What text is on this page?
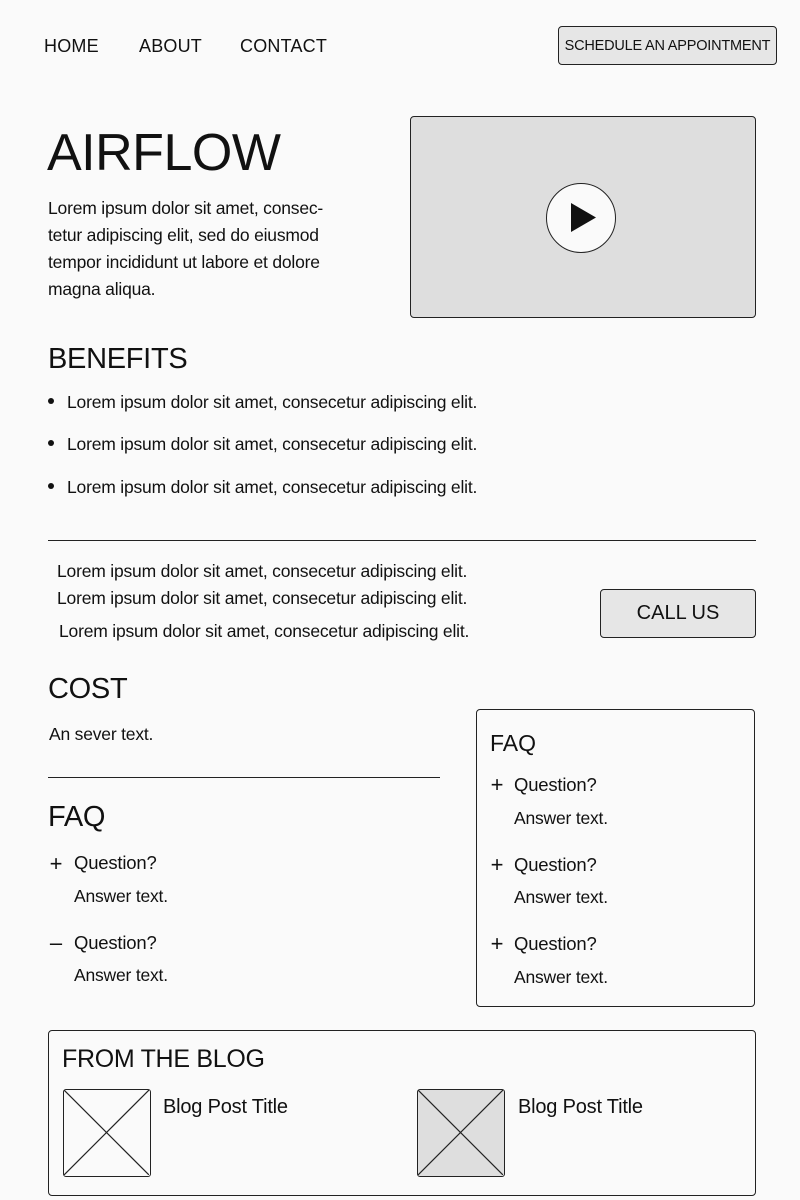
HOME ABOUT CONTACT	SCHEDULE AN APPOINTMENT
AIRFLOW
Lorem ipsum dolor sit amet, consec-
tetur adipiscing elit, sed do eiusmod
tempor incididunt ut labore et dolore
magna aliqua.
BENEFITS
Lorem ipsum dolor sit amet, consecetur adipiscing elit.
Lorem ipsum dolor sit amet, consecetur adipiscing elit.
Lorem ipsum dolor sit amet, consecetur adipiscing elit.
Lorem ipsum dolor sit amet, consecetur adipiscing elit.
Lorem ipsum dolor sit amet, consecetur adipiscing elit.
Lorem ipsum dolor sit amet, consecetur adipiscing elit.
CALL US
COST
An sever text.
FAQ
+ Question?
Answer text.
– Question?
Answer text.
FAQ
+ Question?
Answer text.
+ Question?
Answer text.
+ Question?
Answer text.
FROM THE BLOG
Blog Post Title	Blog Post Title
